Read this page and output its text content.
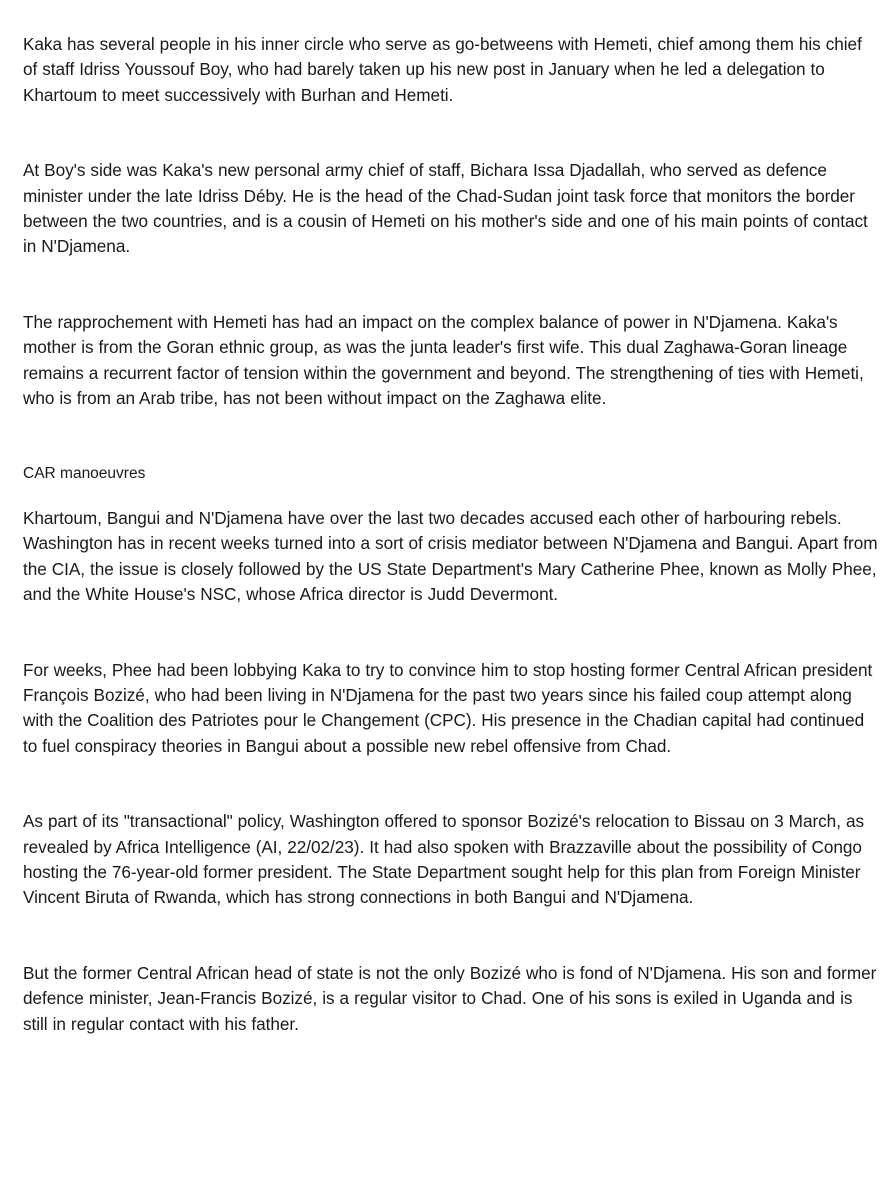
Kaka has several people in his inner circle who serve as go-betweens with Hemeti, chief among them his chief of staff Idriss Youssouf Boy, who had barely taken up his new post in January when he led a delegation to Khartoum to meet successively with Burhan and Hemeti.

At Boy's side was Kaka's new personal army chief of staff, Bichara Issa Djadallah, who served as defence minister under the late Idriss Déby. He is the head of the Chad-Sudan joint task force that monitors the border between the two countries, and is a cousin of Hemeti on his mother's side and one of his main points of contact in N'Djamena.

The rapprochement with Hemeti has had an impact on the complex balance of power in N'Djamena. Kaka's mother is from the Goran ethnic group, as was the junta leader's first wife. This dual Zaghawa-Goran lineage remains a recurrent factor of tension within the government and beyond. The strengthening of ties with Hemeti, who is from an Arab tribe, has not been without impact on the Zaghawa elite.

CAR manoeuvres

Khartoum, Bangui and N'Djamena have over the last two decades accused each other of harbouring rebels. Washington has in recent weeks turned into a sort of crisis mediator between N'Djamena and Bangui. Apart from the CIA, the issue is closely followed by the US State Department's Mary Catherine Phee, known as Molly Phee, and the White House's NSC, whose Africa director is Judd Devermont.

For weeks, Phee had been lobbying Kaka to try to convince him to stop hosting former Central African president François Bozizé, who had been living in N'Djamena for the past two years since his failed coup attempt along with the Coalition des Patriotes pour le Changement (CPC). His presence in the Chadian capital had continued to fuel conspiracy theories in Bangui about a possible new rebel offensive from Chad.

As part of its "transactional" policy, Washington offered to sponsor Bozizé's relocation to Bissau on 3 March, as revealed by Africa Intelligence (AI, 22/02/23). It had also spoken with Brazzaville about the possibility of Congo hosting the 76-year-old former president. The State Department sought help for this plan from Foreign Minister Vincent Biruta of Rwanda, which has strong connections in both Bangui and N'Djamena.

But the former Central African head of state is not the only Bozizé who is fond of N'Djamena. His son and former defence minister, Jean-Francis Bozizé, is a regular visitor to Chad. One of his sons is exiled in Uganda and is still in regular contact with his father.
